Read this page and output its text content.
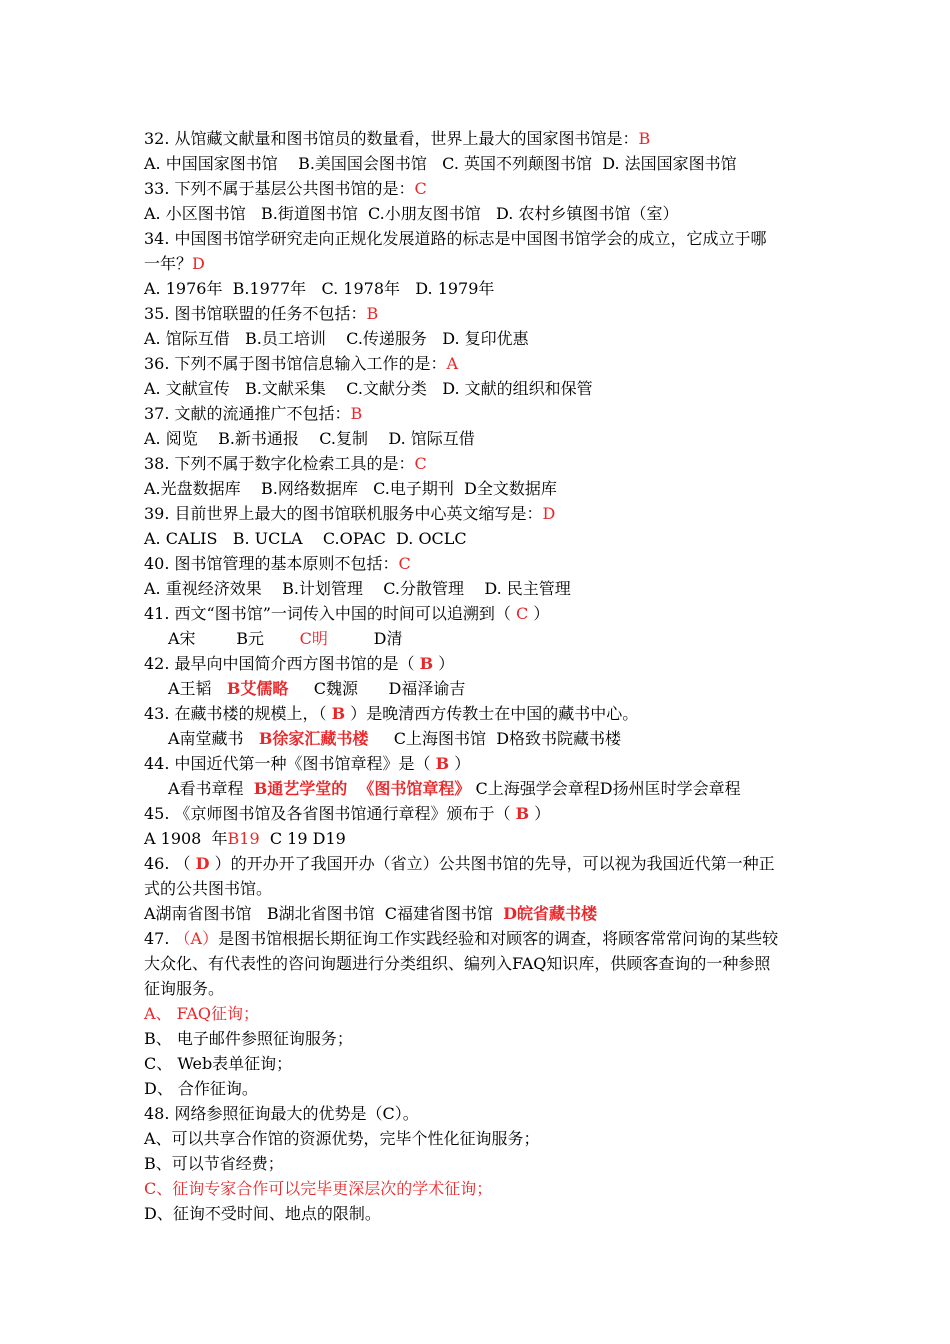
32. 从馆藏文献量和图书馆员的数量看，世界上最大的国家图书馆是：B
A. 中国国家图书馆    B.美国国会图书馆   C. 英国不列颠图书馆  D. 法国国家图书馆
33. 下列不属于基层公共图书馆的是：C
A. 小区图书馆   B.街道图书馆  C.小朋友图书馆   D. 农村乡镇图书馆（室）
34. 中国图书馆学研究走向正规化发展道路的标志是中国图书馆学会的成立，它成立于哪
一年？D
A. 1976年  B.1977年   C. 1978年   D. 1979年
35. 图书馆联盟的任务不包括：B
A. 馆际互借   B.员工培训    C.传递服务   D. 复印优惠
36. 下列不属于图书馆信息输入工作的是：A
A. 文献宣传   B.文献采集    C.文献分类   D. 文献的组织和保管
37. 文献的流通推广不包括：B
A. 阅览    B.新书通报    C.复制    D. 馆际互借
38. 下列不属于数字化检索工具的是：C
A.光盘数据库    B.网络数据库   C.电子期刊  D全文数据库
39. 目前世界上最大的图书馆联机服务中心英文缩写是：D
A. CALIS   B. UCLA    C.OPAC  D. OCLC
40. 图书馆管理的基本原则不包括：C
A. 重视经济效果    B.计划管理    C.分散管理    D. 民主管理
41. 西文“图书馆”一词传入中国的时间可以追溯到（ C ）
A宋        B元       C明         D清
42. 最早向中国简介西方图书馆的是（ B ）
A王韬   B艾儒略     C魏源      D福泽谕吉
43. 在藏书楼的规模上，（ B ）是晚清西方传教士在中国的藏书中心。
A南堂藏书   B徐家汇藏书楼     C上海图书馆  D格致书院藏书楼
44. 中国近代第一种《图书馆章程》是（ B ）
A看书章程  B通艺学堂的  《图书馆章程》 C上海强学会章程D扬州匡时学会章程
45. 《京师图书馆及各省图书馆通行章程》颁布于（ B ）
A 1908  年B19  C 19 D19
46. （ D ）的开办开了我国开办（省立）公共图书馆的先导，可以视为我国近代第一种正
式的公共图书馆。
A湖南省图书馆   B湖北省图书馆  C福建省图书馆  D皖省藏书楼
47. （A）是图书馆根据长期征询工作实践经验和对顾客的调查，将顾客常常问询的某些较
大众化、有代表性的咨问询题进行分类组织、编列入FAQ知识库，供顾客查询的一种参照
征询服务。
A、 FAQ征询；
B、 电子邮件参照征询服务；
C、 Web表单征询；
D、 合作征询。
48. 网络参照征询最大的优势是（C）。
A、可以共享合作馆的资源优势，完毕个性化征询服务；
B、可以节省经费；
C、征询专家合作可以完毕更深层次的学术征询；
D、征询不受时间、地点的限制。
